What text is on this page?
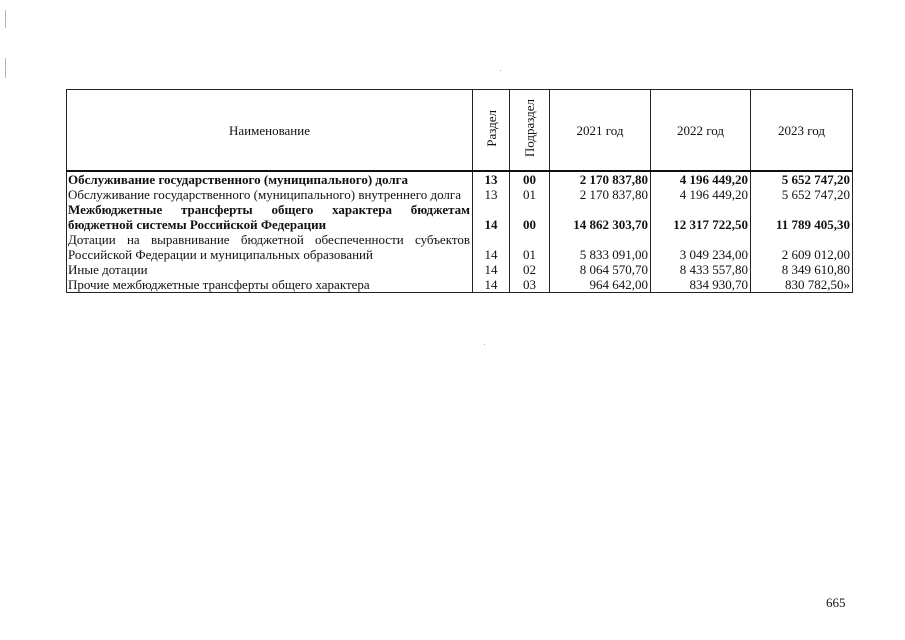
Наименование	Раздел	Подраздел	2021 год	2022 год	2023 год
Обслуживание государственного (муниципального) долга	13	00	2 170 837,80	4 196 449,20	5 652 747,20
Обслуживание государственного (муниципального) внутреннего долга	13	01	2 170 837,80	4 196 449,20	5 652 747,20
Межбюджетные трансферты общего характера бюджетам бюджетной системы Российской Федерации	14	00	14 862 303,70	12 317 722,50	11 789 405,30
Дотации на выравнивание бюджетной обеспеченности субъектов Российской Федерации и муниципальных образований	14	01	5 833 091,00	3 049 234,00	2 609 012,00
Иные дотации	14	02	8 064 570,70	8 433 557,80	8 349 610,80
Прочие межбюджетные трансферты общего характера	14	03	964 642,00	834 930,70	830 782,50»
665
